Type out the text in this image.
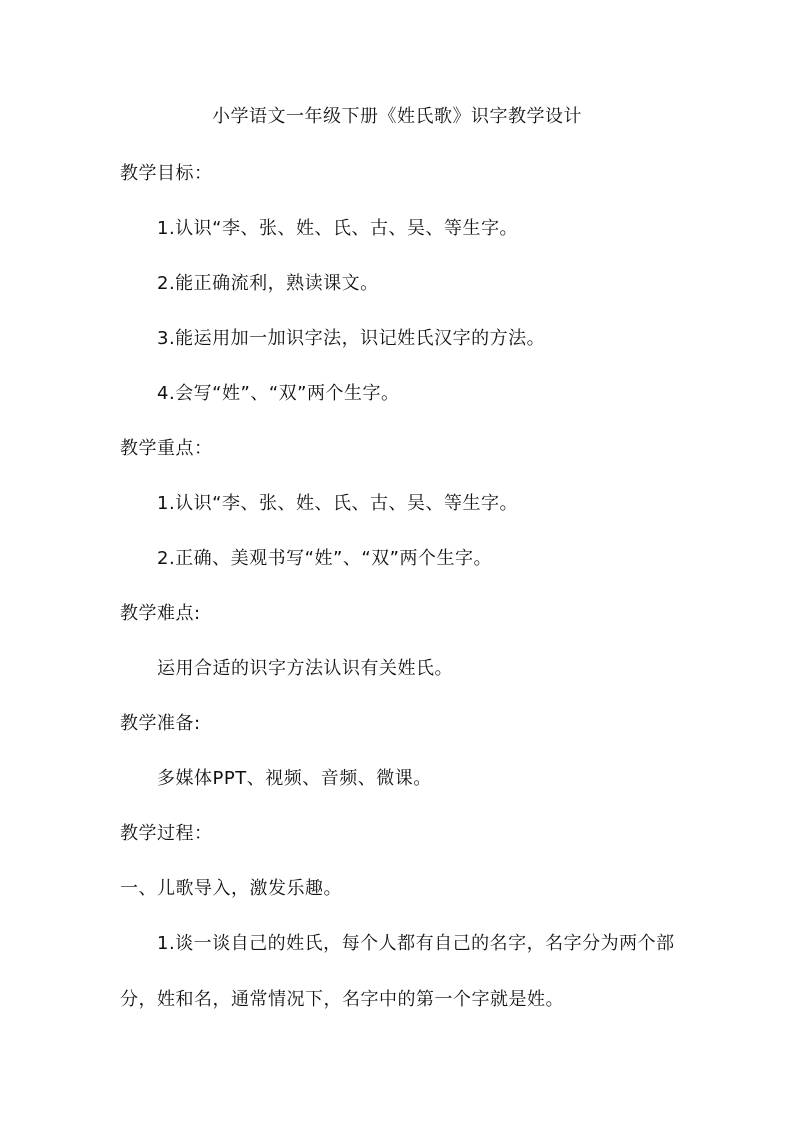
小学语文一年级下册《姓氏歌》识字教学设计
教学目标：
1.认识“李、张、姓、氏、古、吴、等生字。
2.能正确流利，熟读课文。
3.能运用加一加识字法，识记姓氏汉字的方法。
4.会写“姓”、“双”两个生字。
教学重点：
1.认识“李、张、姓、氏、古、吴、等生字。
2.正确、美观书写“姓”、“双”两个生字。
教学难点:
运用合适的识字方法认识有关姓氏。
教学准备:
多媒体PPT、视频、音频、微课。
教学过程：
一、儿歌导入，激发乐趣。
1.谈一谈自己的姓氏，每个人都有自己的名字，名字分为两个部分，姓和名，通常情况下，名字中的第一个字就是姓。
